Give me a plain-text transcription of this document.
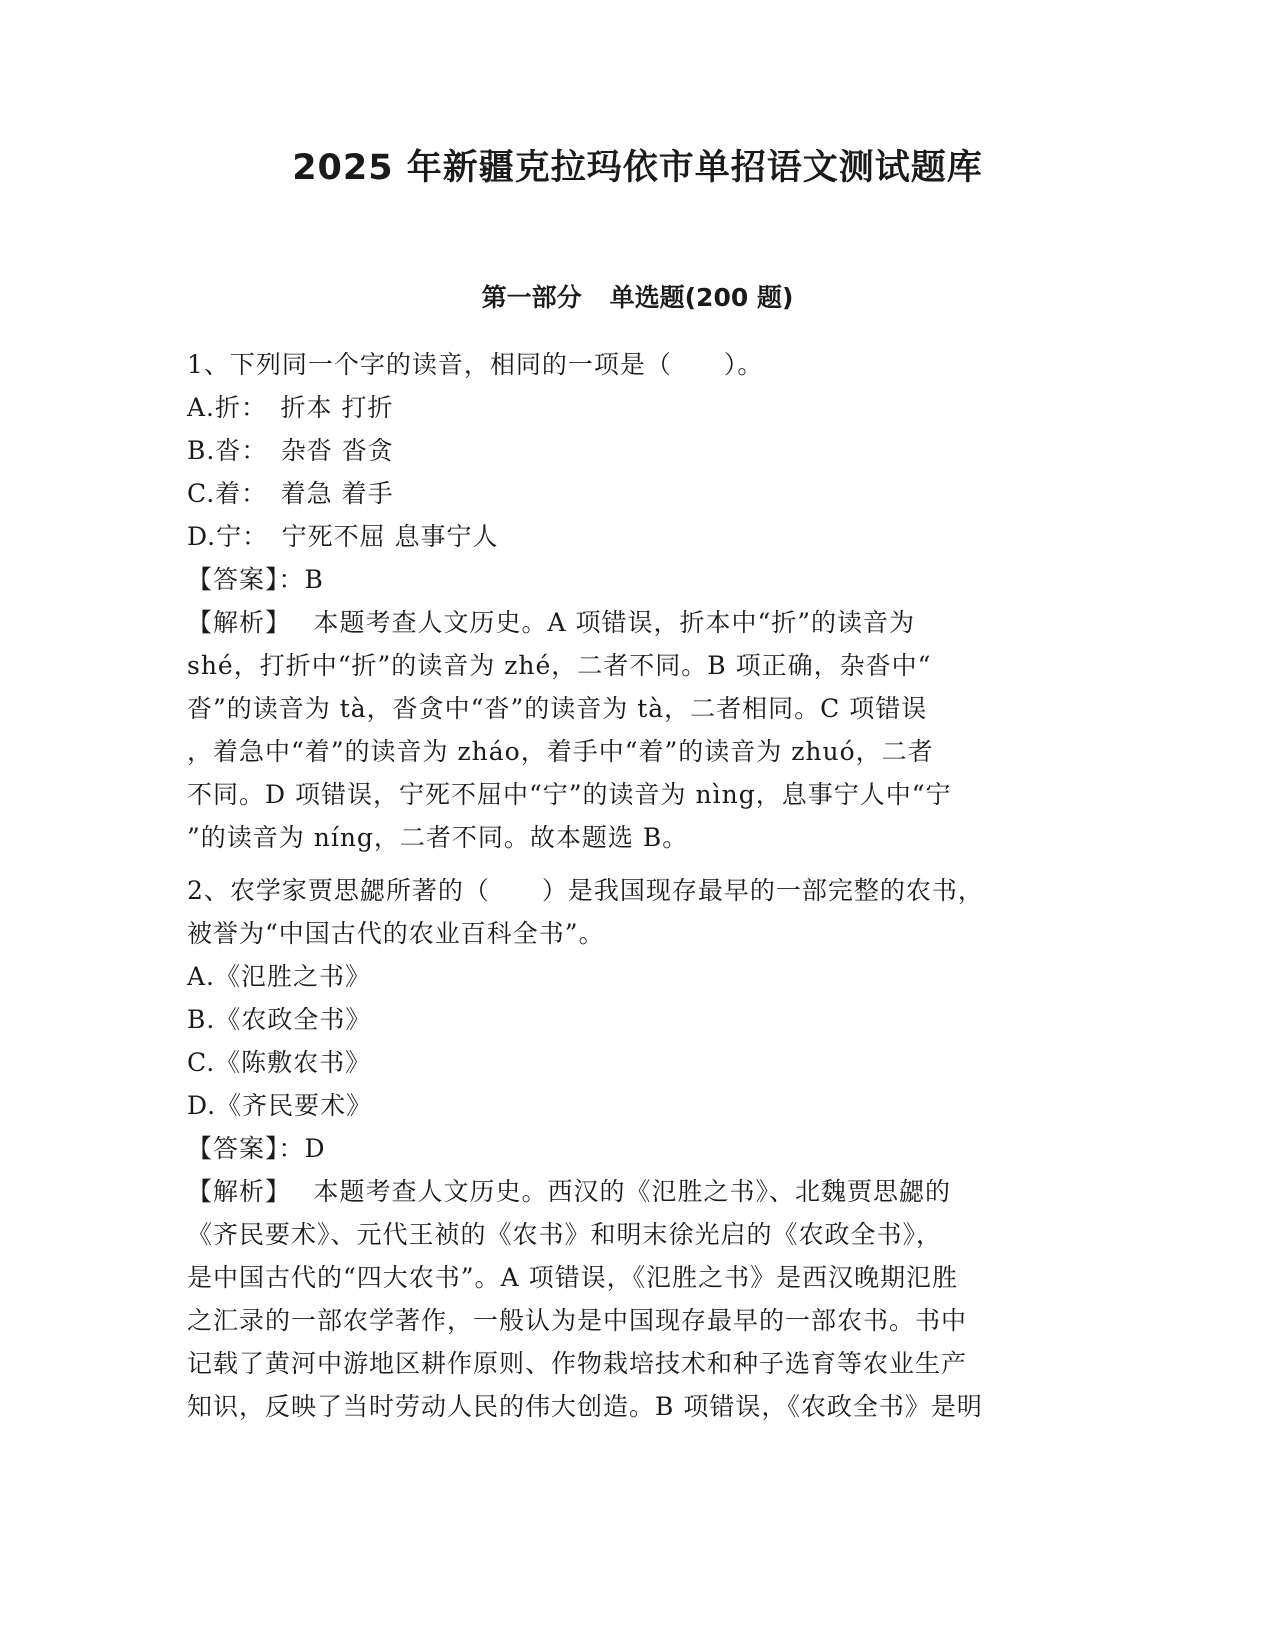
2025 年新疆克拉玛依市单招语文测试题库
第一部分 单选题(200 题)
1、下列同一个字的读音，相同的一项是（　　）。
A.折：　折本 打折
B.沓：　杂沓 沓贪
C.着：　着急 着手
D.宁：　宁死不屈 息事宁人
【答案】：B
【解析】　 本题考查人文历史。A 项错误，折本中“折”的读音为
shé，打折中“折”的读音为 zhé，二者不同。B 项正确，杂沓中“
沓”的读音为 tà，沓贪中“沓”的读音为 tà，二者相同。C 项错误
，着急中“着”的读音为 zháo，着手中“着”的读音为 zhuó，二者
不同。D 项错误，宁死不屈中“宁”的读音为 nìng，息事宁人中“宁
”的读音为 níng，二者不同。故本题选 B。
2、农学家贾思勰所著的（　　）是我国现存最早的一部完整的农书，
被誉为“中国古代的农业百科全书”。
A.《氾胜之书》
B.《农政全书》
C.《陈敷农书》
D.《齐民要术》
【答案】：D
【解析】　 本题考查人文历史。西汉的《氾胜之书》、北魏贾思勰的
《齐民要术》、元代王祯的《农书》和明末徐光启的《农政全书》，
是中国古代的“四大农书”。A 项错误，《氾胜之书》是西汉晚期氾胜
之汇录的一部农学著作，一般认为是中国现存最早的一部农书。书中
记载了黄河中游地区耕作原则、作物栽培技术和种子选育等农业生产
知识，反映了当时劳动人民的伟大创造。B 项错误，《农政全书》是明
